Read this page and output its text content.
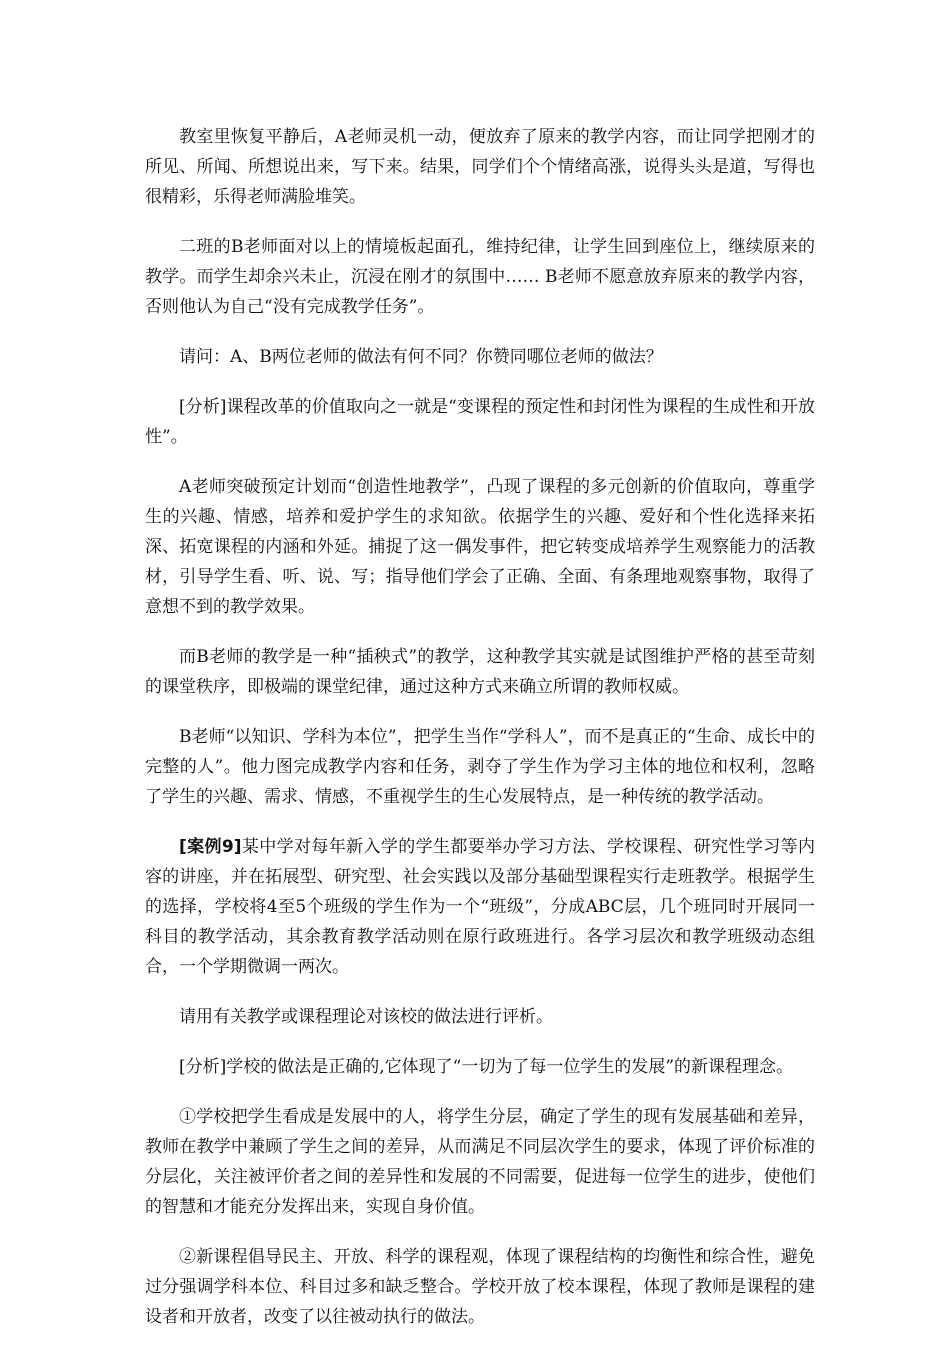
教室里恢复平静后，A老师灵机一动，便放弃了原来的教学内容，而让同学把刚才的所见、所闻、所想说出来，写下来。结果，同学们个个情绪高涨，说得头头是道，写得也很精彩，乐得老师满脸堆笑。

二班的B老师面对以上的情境板起面孔，维持纪律，让学生回到座位上，继续原来的教学。而学生却余兴未止，沉浸在刚才的氛围中…… B老师不愿意放弃原来的教学内容，否则他认为自己“没有完成教学任务”。

请问：A、B两位老师的做法有何不同？你赞同哪位老师的做法？

[分析]课程改革的价值取向之一就是“变课程的预定性和封闭性为课程的生成性和开放性”。

A老师突破预定计划而“创造性地教学”，凸现了课程的多元创新的价值取向，尊重学生的兴趣、情感，培养和爱护学生的求知欲。依据学生的兴趣、爱好和个性化选择来拓深、拓宽课程的内涵和外延。捕捉了这一偶发事件，把它转变成培养学生观察能力的活教材，引导学生看、听、说、写；指导他们学会了正确、全面、有条理地观察事物，取得了意想不到的教学效果。

而B老师的教学是一种“插秧式”的教学，这种教学其实就是试图维护严格的甚至苛刻的课堂秩序，即极端的课堂纪律，通过这种方式来确立所谓的教师权威。

B老师“以知识、学科为本位”，把学生当作“学科人”，而不是真正的“生命、成长中的完整的人”。他力图完成教学内容和任务，剥夺了学生作为学习主体的地位和权利，忽略了学生的兴趣、需求、情感，不重视学生的生心发展特点，是一种传统的教学活动。

[案例9]某中学对每年新入学的学生都要举办学习方法、学校课程、研究性学习等内容的讲座，并在拓展型、研究型、社会实践以及部分基础型课程实行走班教学。根据学生的选择，学校将4至5个班级的学生作为一个“班级”，分成ABC层，几个班同时开展同一科目的教学活动，其余教育教学活动则在原行政班进行。各学习层次和教学班级动态组合，一个学期微调一两次。

请用有关教学或课程理论对该校的做法进行评析。

[分析]学校的做法是正确的,它体现了“一切为了每一位学生的发展”的新课程理念。

①学校把学生看成是发展中的人，将学生分层，确定了学生的现有发展基础和差异，教师在教学中兼顾了学生之间的差异，从而满足不同层次学生的要求，体现了评价标准的分层化，关注被评价者之间的差异性和发展的不同需要，促进每一位学生的进步，使他们的智慧和才能充分发挥出来，实现自身价值。

②新课程倡导民主、开放、科学的课程观，体现了课程结构的均衡性和综合性，避免过分强调学科本位、科目过多和缺乏整合。学校开放了校本课程，体现了教师是课程的建设者和开放者，改变了以往被动执行的做法。
